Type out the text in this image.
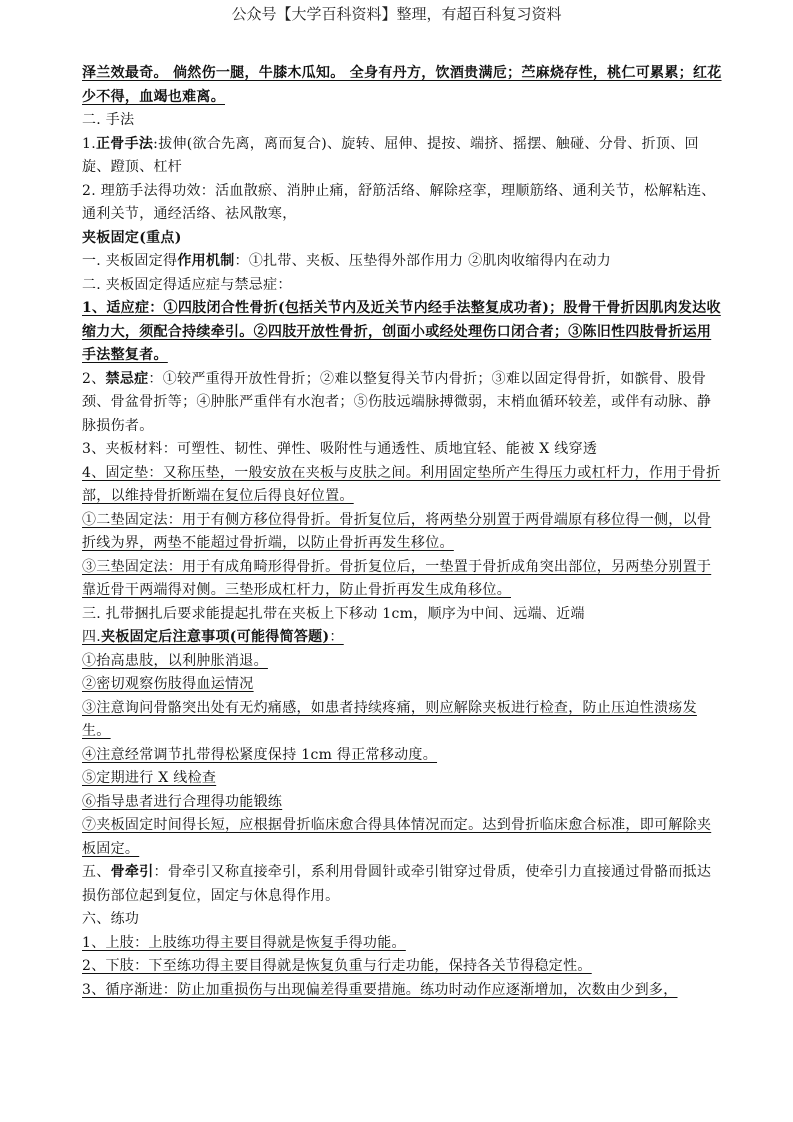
公众号【大学百科资料】整理，有超百科复习资料

泽兰效最奇。 倘然伤一腿，牛膝木瓜知。 全身有丹方，饮酒贵满卮；苎麻烧存性，桃仁可累累；红花少不得，血竭也难离。

二. 手法

1.正骨手法:拔伸(欲合先离，离而复合)、旋转、屈伸、提按、端挤、摇摆、触碰、分骨、折顶、回旋、蹬顶、杠杆

2. 理筋手法得功效：活血散瘀、消肿止痛，舒筋活络、解除痉挛，理顺筋络、通利关节，松解粘连、通利关节，通经活络、祛风散寒，

夹板固定(重点)

一. 夹板固定得作用机制：①扎带、夹板、压垫得外部作用力 ②肌肉收缩得内在动力

二. 夹板固定得适应症与禁忌症：

1、适应症：①四肢闭合性骨折(包括关节内及近关节内经手法整复成功者)；股骨干骨折因肌肉发达收缩力大，须配合持续牵引。②四肢开放性骨折，创面小或经处理伤口闭合者；③陈旧性四肢骨折运用手法整复者。

2、禁忌症：①较严重得开放性骨折；②难以整复得关节内骨折；③难以固定得骨折，如髌骨、股骨颈、骨盆骨折等；④肿胀严重伴有水泡者；⑤伤肢远端脉搏微弱，末梢血循环较差，或伴有动脉、静脉损伤者。

3、夹板材料：可塑性、韧性、弹性、吸附性与通透性、质地宜轻、能被 X 线穿透

4、固定垫：又称压垫，一般安放在夹板与皮肤之间。利用固定垫所产生得压力或杠杆力，作用于骨折部，以维持骨折断端在复位后得良好位置。

①二垫固定法：用于有侧方移位得骨折。骨折复位后，将两垫分别置于两骨端原有移位得一侧，以骨折线为界，两垫不能超过骨折端，以防止骨折再发生移位。

③三垫固定法：用于有成角畸形得骨折。骨折复位后，一垫置于骨折成角突出部位，另两垫分别置于靠近骨干两端得对侧。三垫形成杠杆力，防止骨折再发生成角移位。

三. 扎带捆扎后要求能提起扎带在夹板上下移动 1cm，顺序为中间、远端、近端

四.夹板固定后注意事项(可能得简答题)：

①抬高患肢，以利肿胀消退。

②密切观察伤肢得血运情况

③注意询问骨骼突出处有无灼痛感，如患者持续疼痛，则应解除夹板进行检查，防止压迫性溃疡发生。

④注意经常调节扎带得松紧度保持 1cm 得正常移动度。

⑤定期进行 X 线检查

⑥指导患者进行合理得功能锻练

⑦夹板固定时间得长短，应根据骨折临床愈合得具体情况而定。达到骨折临床愈合标准，即可解除夹板固定。

五、骨牵引：骨牵引又称直接牵引，系利用骨圆针或牵引钳穿过骨质，使牵引力直接通过骨骼而抵达损伤部位起到复位，固定与休息得作用。

六、练功

1、上肢：上肢练功得主要目得就是恢复手得功能。

2、下肢：下至练功得主要目得就是恢复负重与行走功能，保持各关节得稳定性。

3、循序渐进：防止加重损伤与出现偏差得重要措施。练功时动作应逐渐增加，次数由少到多，
